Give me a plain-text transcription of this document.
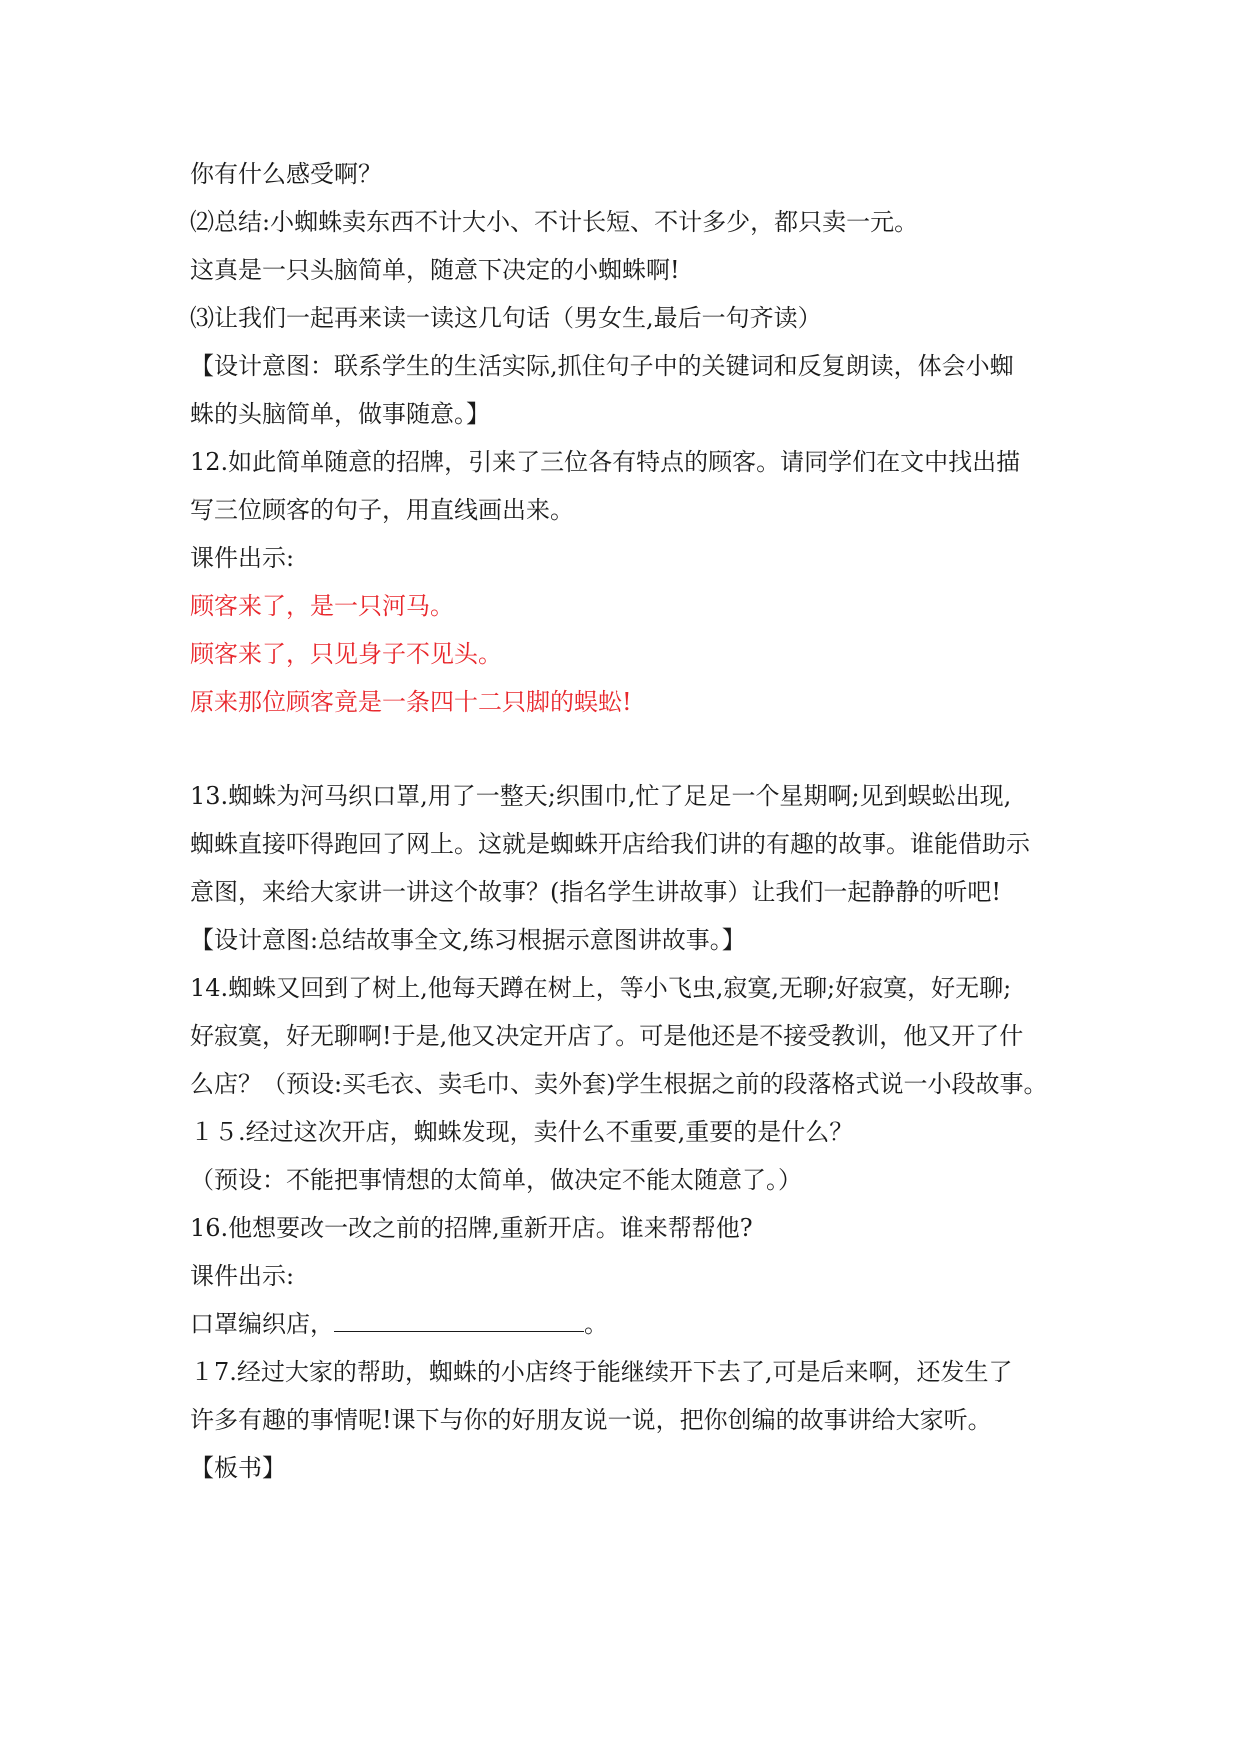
你有什么感受啊？
⑵总结:小蜘蛛卖东西不计大小、不计长短、不计多少，都只卖一元。
这真是一只头脑简单，随意下决定的小蜘蛛啊!
⑶让我们一起再来读一读这几句话（男女生,最后一句齐读）
【设计意图：联系学生的生活实际,抓住句子中的关键词和反复朗读，体会小蜘
蛛的头脑简单，做事随意。】
12.如此简单随意的招牌，引来了三位各有特点的顾客。请同学们在文中找出描
写三位顾客的句子，用直线画出来。
课件出示:
顾客来了，是一只河马。
顾客来了，只见身子不见头。
原来那位顾客竟是一条四十二只脚的蜈蚣!
13.蜘蛛为河马织口罩,用了一整天;织围巾,忙了足足一个星期啊;见到蜈蚣出现,
蜘蛛直接吓得跑回了网上。这就是蜘蛛开店给我们讲的有趣的故事。谁能借助示
意图，来给大家讲一讲这个故事？(指名学生讲故事）让我们一起静静的听吧!
【设计意图:总结故事全文,练习根据示意图讲故事。】
14.蜘蛛又回到了树上,他每天蹲在树上，等小飞虫,寂寞,无聊;好寂寞，好无聊;
好寂寞，好无聊啊!于是,他又决定开店了。可是他还是不接受教训，他又开了什
么店？（预设:买毛衣、卖毛巾、卖外套)学生根据之前的段落格式说一小段故事。
１５.经过这次开店，蜘蛛发现，卖什么不重要,重要的是什么？
（预设：不能把事情想的太简单，做决定不能太随意了。）
16.他想要改一改之前的招牌,重新开店。谁来帮帮他?
课件出示:
口罩编织店，	。
１7.经过大家的帮助，蜘蛛的小店终于能继续开下去了,可是后来啊，还发生了
许多有趣的事情呢!课下与你的好朋友说一说，把你创编的故事讲给大家听。
【板书】
